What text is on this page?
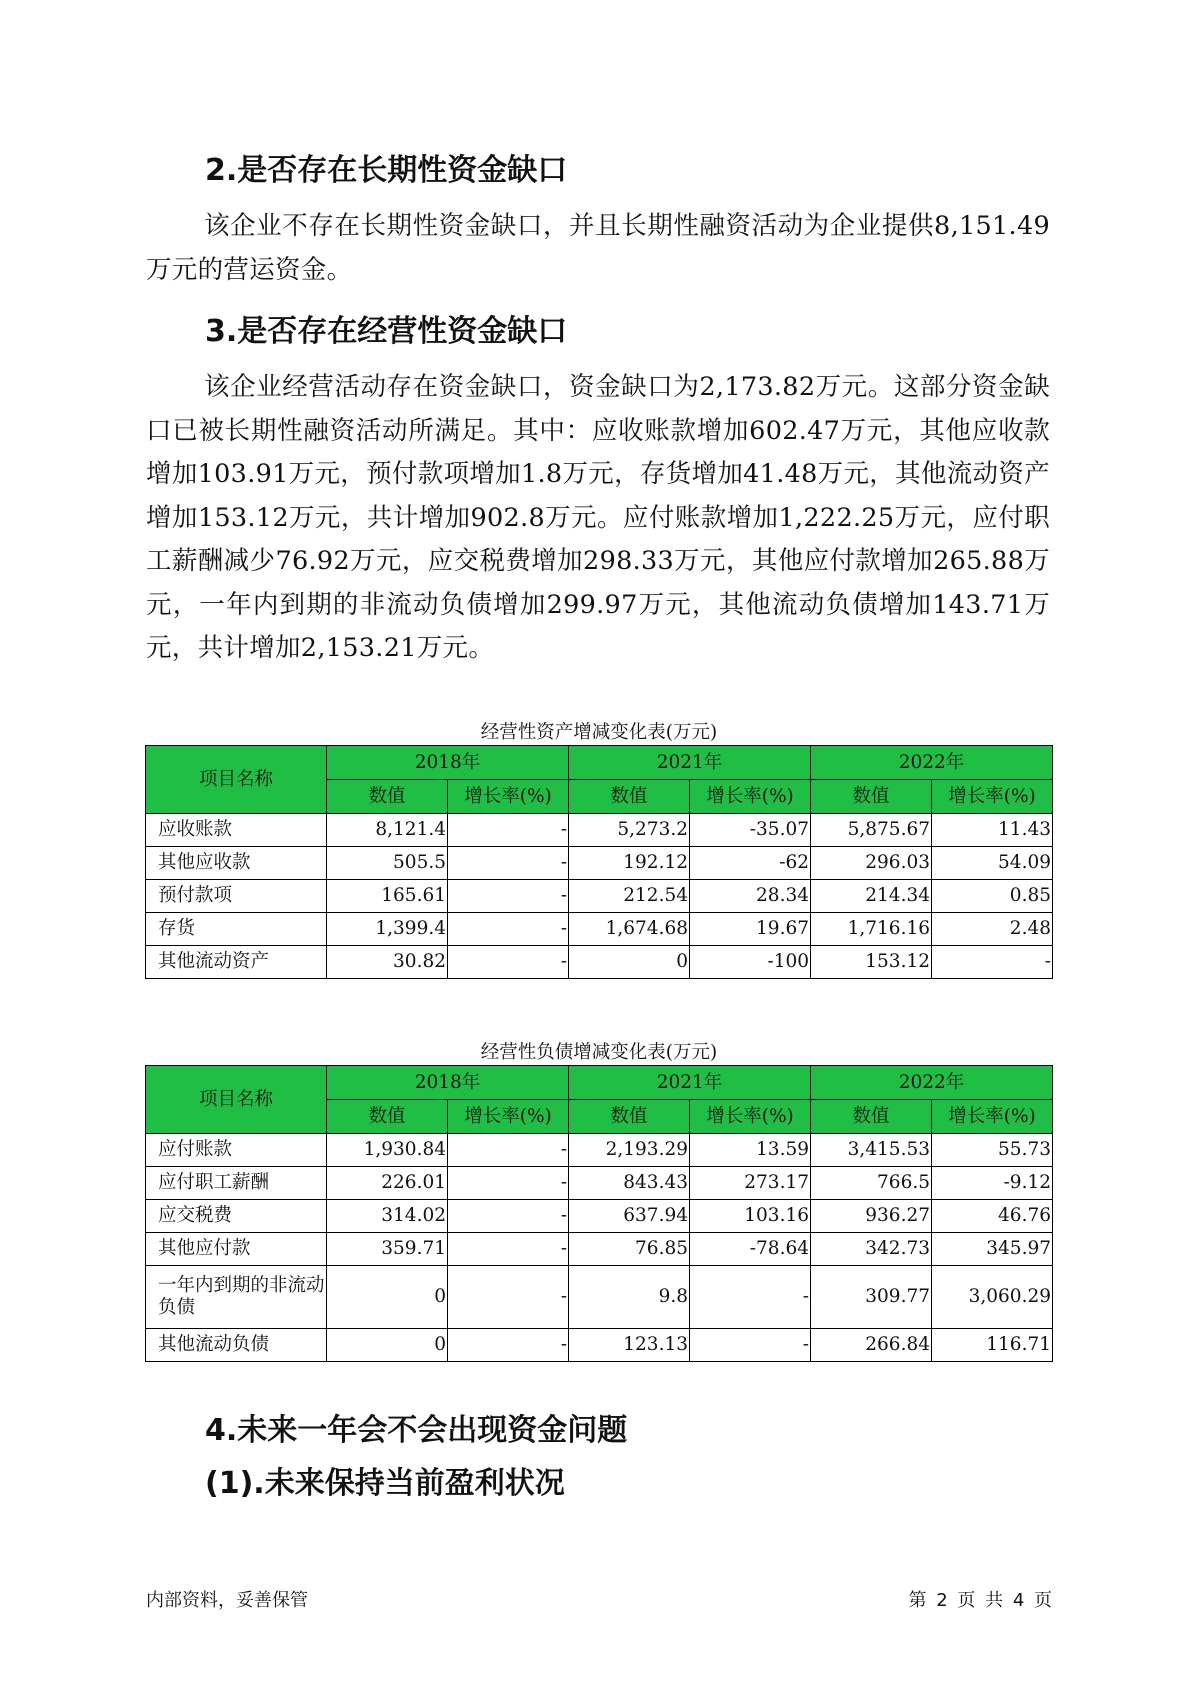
2.是否存在长期性资金缺口

该企业不存在长期性资金缺口，并且长期性融资活动为企业提供8,151.49万元的营运资金。

3.是否存在经营性资金缺口

该企业经营活动存在资金缺口，资金缺口为2,173.82万元。这部分资金缺口已被长期性融资活动所满足。其中：应收账款增加602.47万元，其他应收款增加103.91万元，预付款项增加1.8万元，存货增加41.48万元，其他流动资产增加153.12万元，共计增加902.8万元。应付账款增加1,222.25万元，应付职工薪酬减少76.92万元，应交税费增加298.33万元，其他应付款增加265.88万元，一年内到期的非流动负债增加299.97万元，其他流动负债增加143.71万元，共计增加2,153.21万元。

经营性资产增减变化表(万元)

项目名称	2018年		2021年		2022年	
	数值	增长率(%)	数值	增长率(%)	数值	增长率(%)
应收账款	8,121.4	-	5,273.2	-35.07	5,875.67	11.43
其他应收款	505.5	-	192.12	-62	296.03	54.09
预付款项	165.61	-	212.54	28.34	214.34	0.85
存货	1,399.4	-	1,674.68	19.67	1,716.16	2.48
其他流动资产	30.82	-	0	-100	153.12	-

经营性负债增减变化表(万元)

项目名称	2018年		2021年		2022年	
	数值	增长率(%)	数值	增长率(%)	数值	增长率(%)
应付账款	1,930.84	-	2,193.29	13.59	3,415.53	55.73
应付职工薪酬	226.01	-	843.43	273.17	766.5	-9.12
应交税费	314.02	-	637.94	103.16	936.27	46.76
其他应付款	359.71	-	76.85	-78.64	342.73	345.97
一年内到期的非流动负债	0	-	9.8	-	309.77	3,060.29
其他流动负债	0	-	123.13	-	266.84	116.71
4.未来一年会不会出现资金问题
(1).未来保持当前盈利状况

内部资料，妥善保管	第 2 页 共 4 页
